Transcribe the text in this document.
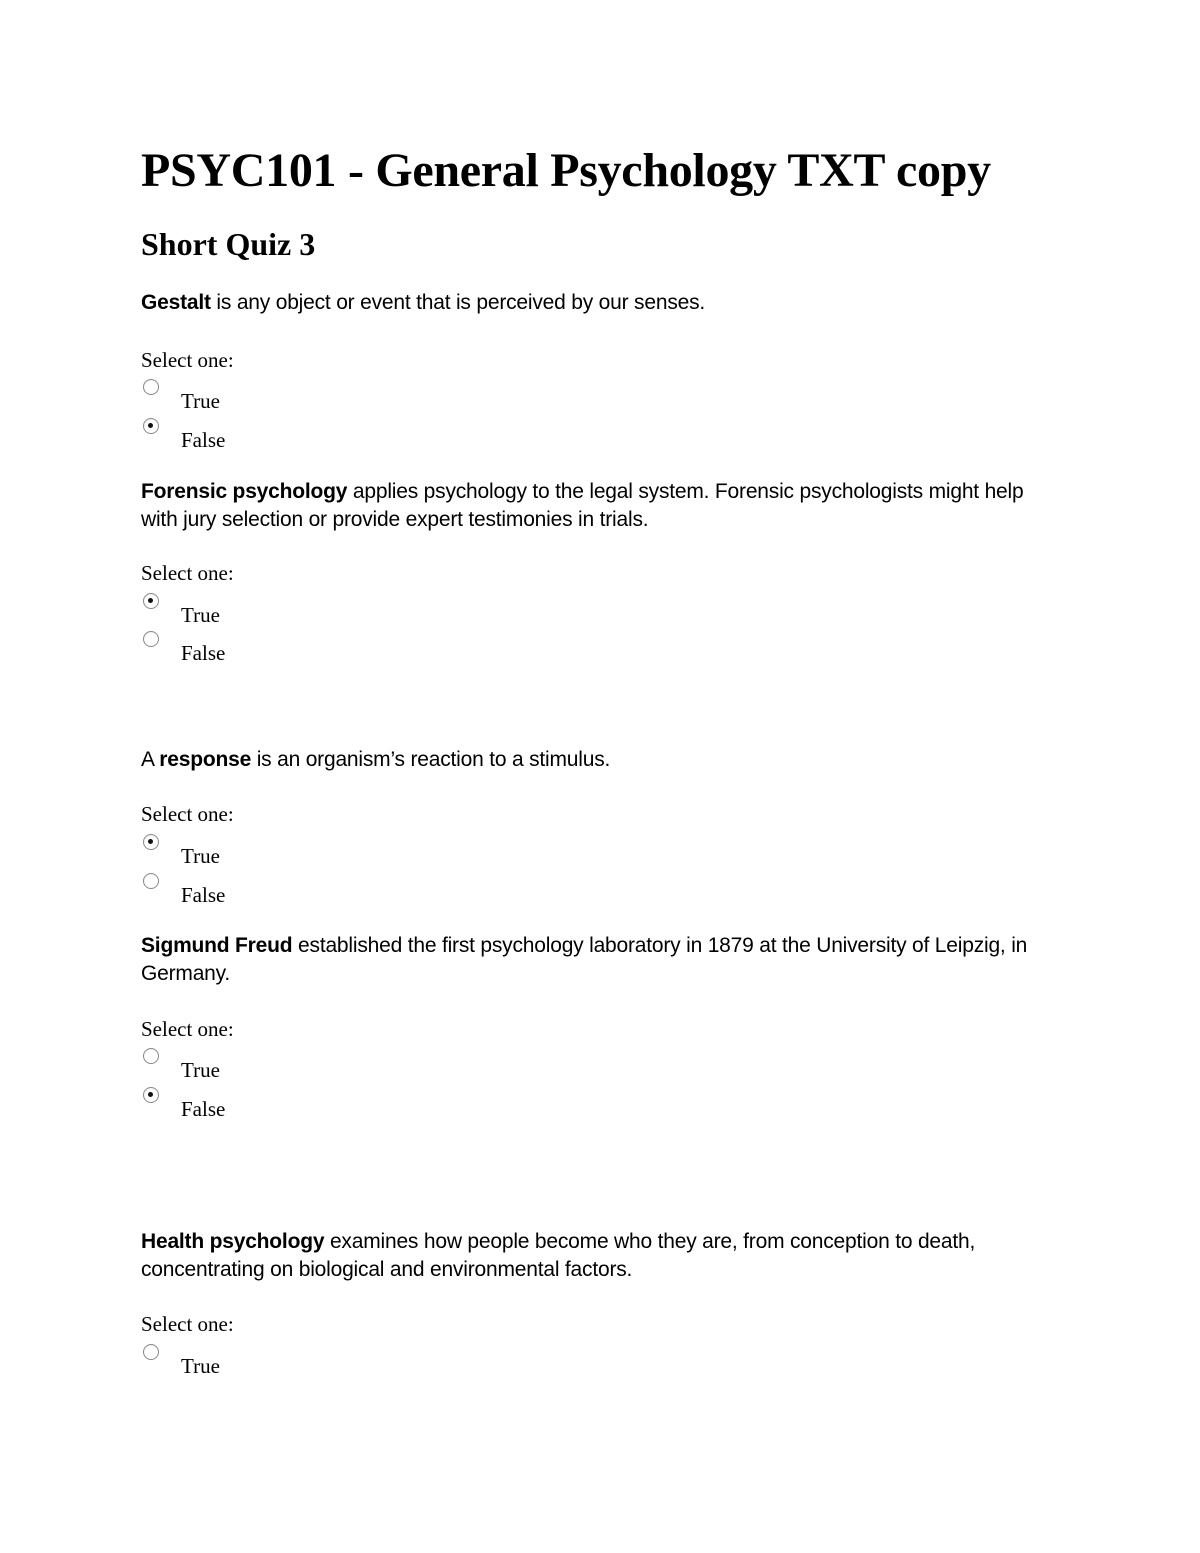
PSYC101 - General Psychology TXT copy
Short Quiz 3

Gestalt is any object or event that is perceived by our senses.

Select one:

True
False

Forensic psychology applies psychology to the legal system. Forensic psychologists might help with jury selection or provide expert testimonies in trials.

Select one:

True
False

A response is an organism’s reaction to a stimulus.

Select one:

True
False

Sigmund Freud established the first psychology laboratory in 1879 at the University of Leipzig, in Germany.

Select one:

True
False

Health psychology examines how people become who they are, from conception to death, concentrating on biological and environmental factors.

Select one:

True
